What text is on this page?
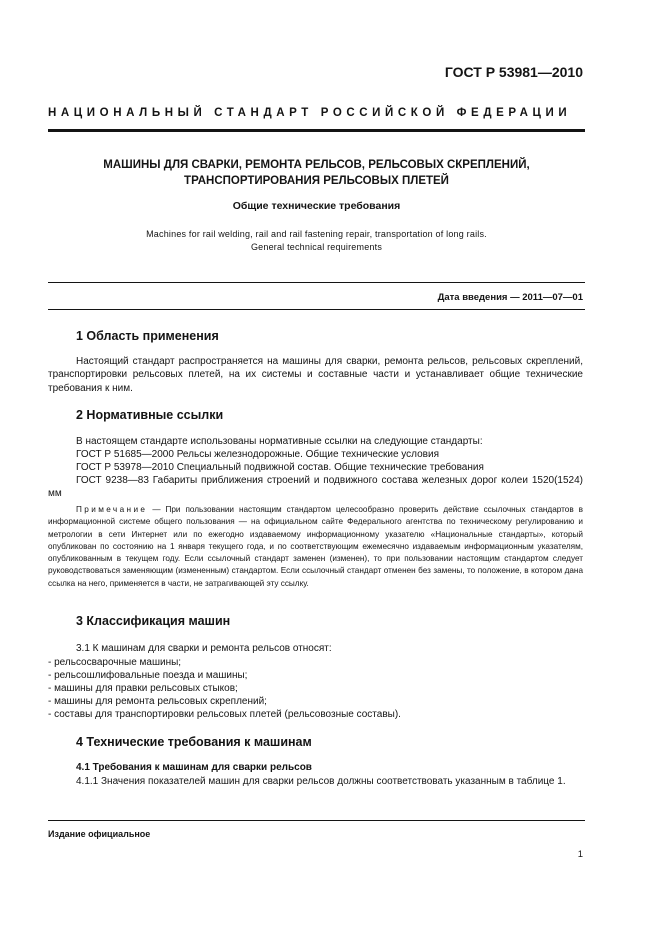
ГОСТ Р 53981—2010
НАЦИОНАЛЬНЫЙ СТАНДАРТ РОССИЙСКОЙ ФЕДЕРАЦИИ
МАШИНЫ ДЛЯ СВАРКИ, РЕМОНТА РЕЛЬСОВ, РЕЛЬСОВЫХ СКРЕПЛЕНИЙ,
ТРАНСПОРТИРОВАНИЯ РЕЛЬСОВЫХ ПЛЕТЕЙ
Общие технические требования
Machines for rail welding, rail and rail fastening repair, transportation of long rails.
General technical requirements
Дата введения — 2011—07—01
1 Область применения
Настоящий стандарт распространяется на машины для сварки, ремонта рельсов, рельсовых скреплений, транспортировки рельсовых плетей, на их системы и составные части и устанавливает общие технические требования к ним.
2 Нормативные ссылки
В настоящем стандарте использованы нормативные ссылки на следующие стандарты:
ГОСТ Р 51685—2000 Рельсы железнодорожные. Общие технические условия
ГОСТ Р 53978—2010 Специальный подвижной состав. Общие технические требования
ГОСТ 9238—83 Габариты приближения строений и подвижного состава железных дорог колеи 1520(1524) мм
Примечание — При пользовании настоящим стандартом целесообразно проверить действие ссылочных стандартов в информационной системе общего пользования — на официальном сайте Федерального агентства по техническому регулированию и метрологии в сети Интернет или по ежегодно издаваемому информационному указателю «Национальные стандарты», который опубликован по состоянию на 1 января текущего года, и по соответствующим ежемесячно издаваемым информационным указателям, опубликованным в текущем году. Если ссылочный стандарт заменен (изменен), то при пользовании настоящим стандартом следует руководствоваться заменяющим (измененным) стандартом. Если ссылочный стандарт отменен без замены, то положение, в котором дана ссылка на него, применяется в части, не затрагивающей эту ссылку.
3 Классификация машин
3.1 К машинам для сварки и ремонта рельсов относят:
- рельсосварочные машины;
- рельсошлифовальные поезда и машины;
- машины для правки рельсовых стыков;
- машины для ремонта рельсовых скреплений;
- составы для транспортировки рельсовых плетей (рельсовозные составы).
4 Технические требования к машинам
4.1 Требования к машинам для сварки рельсов
4.1.1 Значения показателей машин для сварки рельсов должны соответствовать указанным в таблице 1.
Издание официальное
1
